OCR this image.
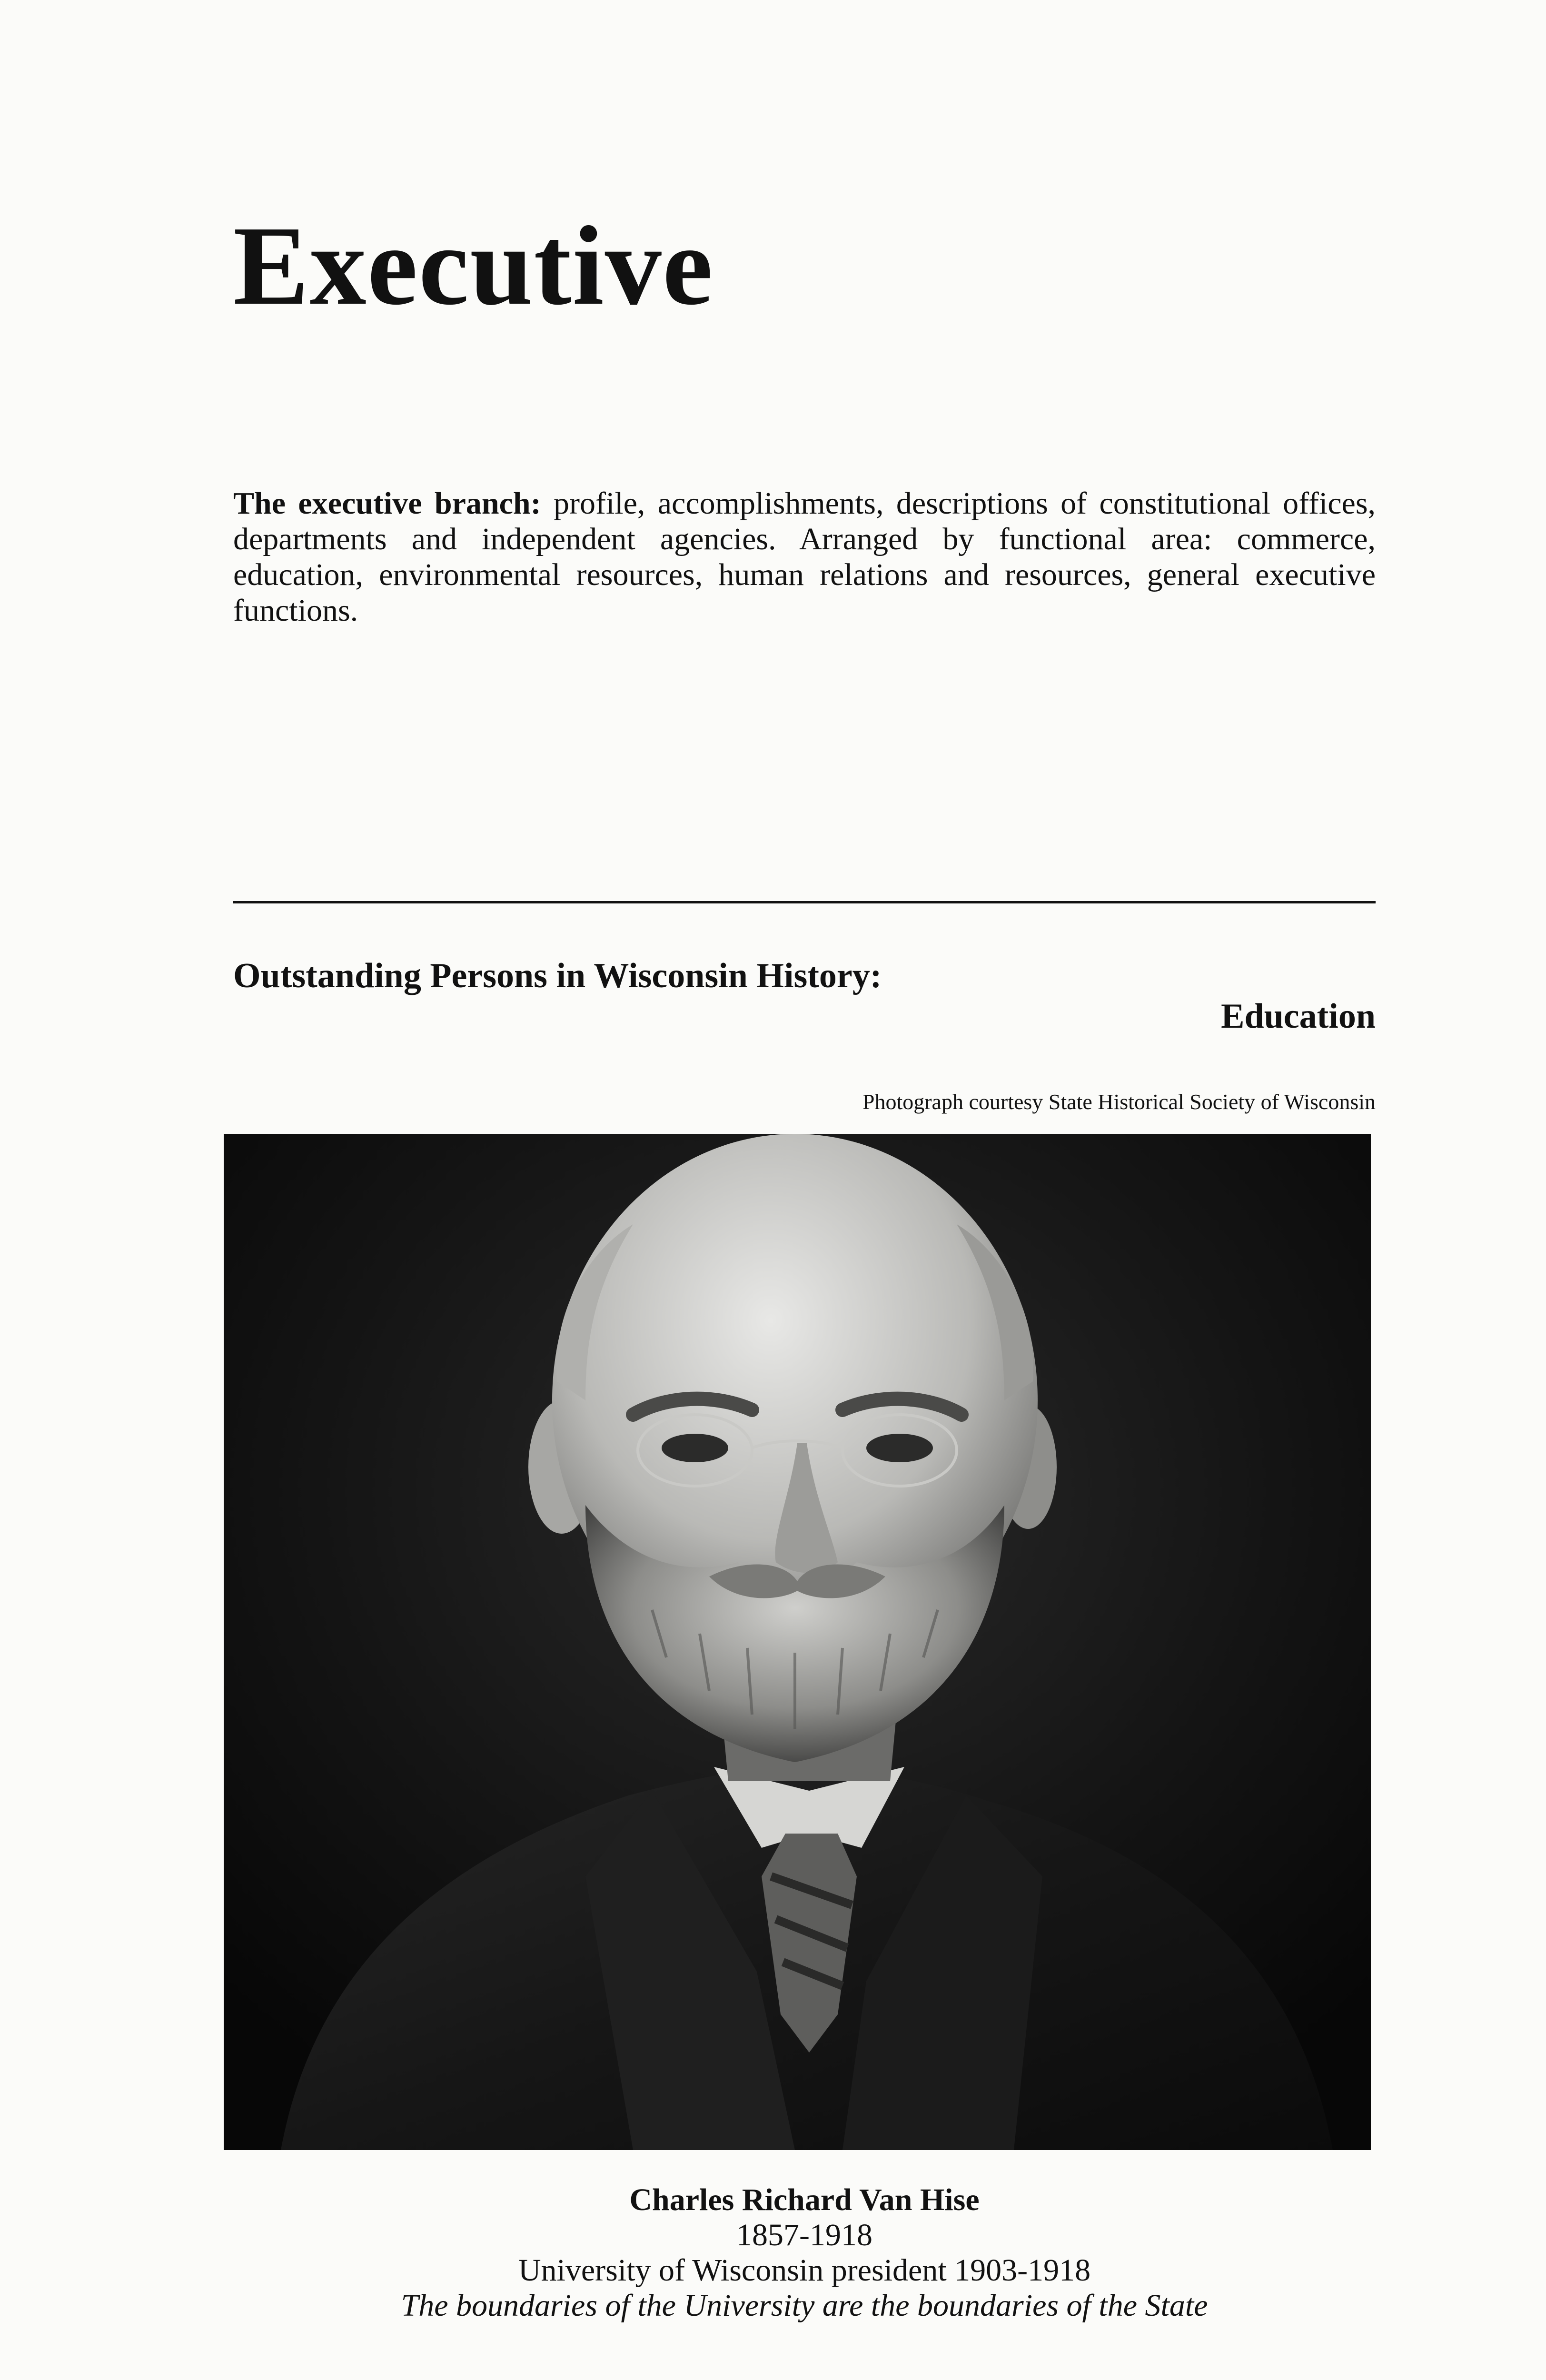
Executive

The executive branch: profile, accomplishments, descriptions of constitutional offices, departments and independent agencies. Arranged by functional area: commerce, education, environmental resources, human relations and resources, general executive functions.

Outstanding Persons in Wisconsin History:
Education

Photograph courtesy State Historical Society of Wisconsin

Charles Richard Van Hise
1857-1918
University of Wisconsin president 1903-1918
The boundaries of the University are the boundaries of the State
